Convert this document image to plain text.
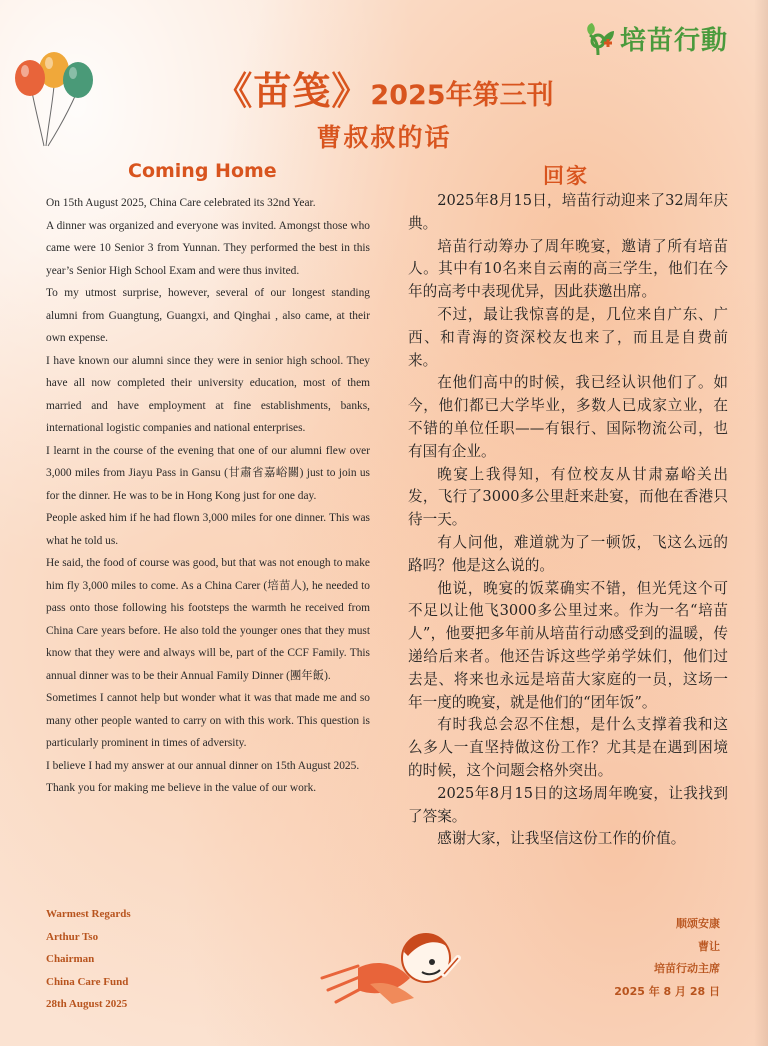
培苗行動
《苗笺》2025年第三刊
曹叔叔的话
Coming Home	回家

On 15th August 2025, China Care celebrated its 32nd Year.

A dinner was organized and everyone was invited. Amongst those who came were 10 Senior 3 from Yunnan. They performed the best in this year’s Senior High School Exam and were thus invited.

To my utmost surprise, however, several of our longest standing alumni from Guangtung, Guangxi, and Qinghai , also came, at their own expense.

I have known our alumni since they were in senior high school. They have all now completed their university education, most of them married and have employment at fine establishments, banks, international logistic companies and national enterprises.

I learnt in the course of the evening that one of our alumni flew over 3,000 miles from Jiayu Pass in Gansu (甘肅省嘉峪關) just to join us for the dinner. He was to be in Hong Kong just for one day.

People asked him if he had flown 3,000 miles for one dinner. This was what he told us.

He said, the food of course was good, but that was not enough to make him fly 3,000 miles to come. As a China Carer (培苗人), he needed to pass onto those following his footsteps the warmth he received from China Care years before. He also told the younger ones that they must know that they were and always will be, part of the CCF Family. This annual dinner was to be their Annual Family Dinner (團年飯).

Sometimes I cannot help but wonder what it was that made me and so many other people wanted to carry on with this work. This question is particularly prominent in times of adversity.

I believe I had my answer at our annual dinner on 15th August 2025.

Thank you for making me believe in the value of our work.

Warmest Regards
Arthur Tso
Chairman
China Care Fund
28th August 2025

2025年8月15日，培苗行动迎来了32周年庆典。

培苗行动筹办了周年晚宴，邀请了所有培苗人。其中有10名来自云南的高三学生，他们在今年的高考中表现优异，因此获邀出席。

不过，最让我惊喜的是，几位来自广东、广西、和青海的资深校友也来了，而且是自费前来。

在他们高中的时候，我已经认识他们了。如今，他们都已大学毕业，多数人已成家立业，在不错的单位任职——有银行、国际物流公司，也有国有企业。

晚宴上我得知，有位校友从甘肃嘉峪关出发，飞行了3000多公里赶来赴宴，而他在香港只待一天。

有人问他，难道就为了一顿饭，飞这么远的路吗？他是这么说的。

他说，晚宴的饭菜确实不错，但光凭这个可不足以让他飞3000多公里过来。作为一名“培苗人”，他要把多年前从培苗行动感受到的温暖，传递给后来者。他还告诉这些学弟学妹们，他们过去是、将来也永远是培苗大家庭的一员，这场一年一度的晚宴，就是他们的“团年饭”。

有时我总会忍不住想，是什么支撑着我和这么多人一直坚持做这份工作？尤其是在遇到困境的时候，这个问题会格外突出。

2025年8月15日的这场周年晚宴，让我找到了答案。

感谢大家，让我坚信这份工作的价值。

顺颂安康
曹让
培苗行动主席
2025 年 8 月 28 日
